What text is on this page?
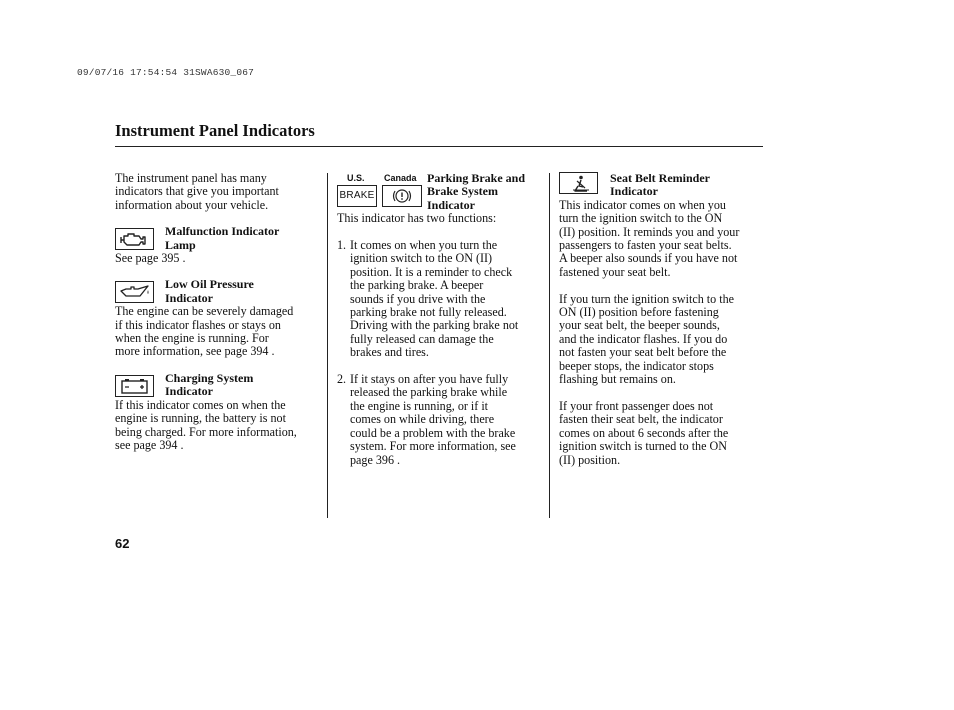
09/07/16 17:54:54 31SWA630_067
Instrument Panel Indicators

The instrument panel has many

indicators that give you important

information about your vehicle.

Malfunction Indicator
Lamp

See page 395 .

Low Oil Pressure
Indicator

The engine can be severely damaged

if this indicator flashes or stays on

when the engine is running. For

more information, see page 394 .

Charging System
Indicator

If this indicator comes on when the

engine is running, the battery is not

being charged. For more information,

see page 394 .

U.S. Canada
BRAKE
Parking Brake and
Brake System
Indicator

This indicator has two functions:

1. It comes on when you turn the

ignition switch to the ON (II)

position. It is a reminder to check

the parking brake. A beeper

sounds if you drive with the

parking brake not fully released.

Driving with the parking brake not

fully released can damage the

brakes and tires.

2. If it stays on after you have fully

released the parking brake while

the engine is running, or if it

comes on while driving, there

could be a problem with the brake

system. For more information, see

page 396 .

Seat Belt Reminder
Indicator

This indicator comes on when you

turn the ignition switch to the ON

(II) position. It reminds you and your

passengers to fasten your seat belts.

A beeper also sounds if you have not

fastened your seat belt.

If you turn the ignition switch to the

ON (II) position before fastening

your seat belt, the beeper sounds,

and the indicator flashes. If you do

not fasten your seat belt before the

beeper stops, the indicator stops

flashing but remains on.

If your front passenger does not

fasten their seat belt, the indicator

comes on about 6 seconds after the

ignition switch is turned to the ON

(II) position.

62
